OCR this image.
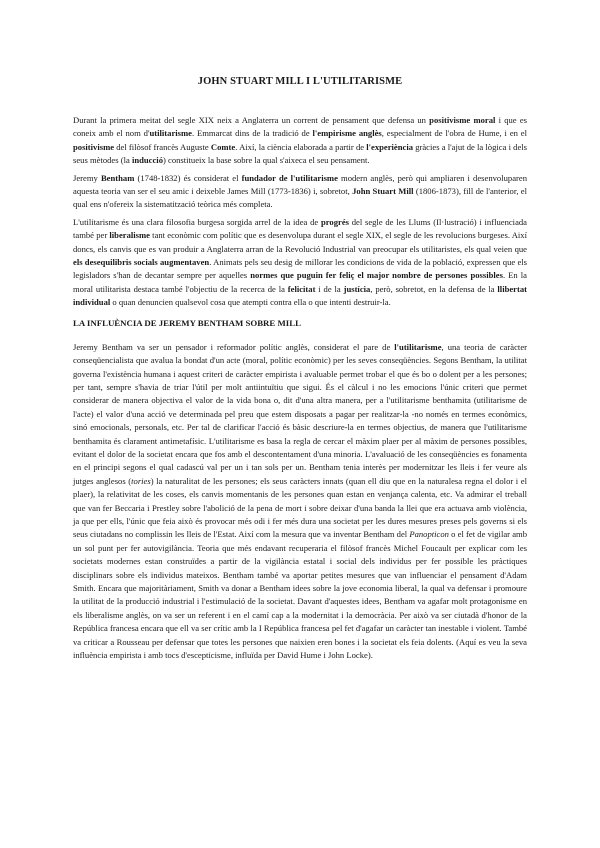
JOHN STUART MILL I L'UTILITARISME

Durant la primera meitat del segle XIX neix a Anglaterra un corrent de pensament que defensa un positivisme moral i que es coneix amb el nom d'utilitarisme. Emmarcat dins de la tradició de l'empirisme anglès, especialment de l'obra de Hume, i en el positivisme del filòsof francès Auguste Comte. Així, la ciència elaborada a partir de l'experiència gràcies a l'ajut de la lògica i dels seus mètodes (la inducció) constitueix la base sobre la qual s'aixeca el seu pensament.

Jeremy Bentham (1748-1832) és considerat el fundador de l'utilitarisme modern anglès, però qui ampliaren i desenvoluparen aquesta teoria van ser el seu amic i deixeble James Mill (1773-1836) i, sobretot, John Stuart Mill (1806-1873), fill de l'anterior, el qual ens n'ofereix la sistematització teòrica més completa.

L'utilitarisme és una clara filosofia burgesa sorgida arrel de la idea de progrés del segle de les Llums (Il·lustració) i influenciada també per liberalisme tant econòmic com polític que es desenvolupa durant el segle XIX, el segle de les revolucions burgeses. Així doncs, els canvis que es van produir a Anglaterra arran de la Revolució Industrial van preocupar els utilitaristes, els qual veien que els desequilibris socials augmentaven. Animats pels seu desig de millorar les condicions de vida de la població, expressen que els legisladors s'han de decantar sempre per aquelles normes que puguin fer feliç el major nombre de persones possibles. En la moral utilitarista destaca també l'objectiu de la recerca de la felicitat i de la justícia, però, sobretot, en la defensa de la llibertat individual o quan denuncien qualsevol cosa que atempti contra ella o que intenti destruir-la.

LA INFLUÈNCIA DE JEREMY BENTHAM SOBRE MILL

Jeremy Bentham va ser un pensador i reformador polític anglès, considerat el pare de l'utilitarisme, una teoria de caràcter conseqüencialista que avalua la bondat d'un acte (moral, polític econòmic) per les seves conseqüències. Segons Bentham, la utilitat governa l'existència humana i aquest criteri de caràcter empirista i avaluable permet trobar el que és bo o dolent per a les persones; per tant, sempre s'havia de triar l'útil per molt antiintuïtiu que sigui. És el càlcul i no les emocions l'únic criteri que permet considerar de manera objectiva el valor de la vida bona o, dit d'una altra manera, per a l'utilitarisme benthamita (utilitarisme de l'acte) el valor d'una acció ve determinada pel preu que estem disposats a pagar per realitzar-la -no només en termes econòmics, sinó emocionals, personals, etc. Per tal de clarificar l'acció és bàsic descriure-la en termes objectius, de manera que l'utilitarisme benthamita és clarament antimetafísic. L'utilitarisme es basa la regla de cercar el màxim plaer per al màxim de persones possibles, evitant el dolor de la societat encara que fos amb el descontentament d'una minoria. L'avaluació de les conseqüències es fonamenta en el principi segons el qual cadascú val per un i tan sols per un. Bentham tenia interès per modernitzar les lleis i fer veure als jutges anglesos (tories) la naturalitat de les persones; els seus caràcters innats (quan ell diu que en la naturalesa regna el dolor i el plaer), la relativitat de les coses, els canvis momentanis de les persones quan estan en venjança calenta, etc. Va admirar el treball que van fer Beccaria i Prestley sobre l'abolició de la pena de mort i sobre deixar d'una banda la llei que era actuava amb violència, ja que per ells, l'únic que feia això és provocar més odi i fer més dura una societat per les dures mesures preses pels governs si els seus ciutadans no complissin les lleis de l'Estat. Així com la mesura que va inventar Bentham del Panopticon o el fet de vigilar amb un sol punt per fer autovigilància. Teoria que més endavant recuperaria el filòsof francès Michel Foucault per explicar com les societats modernes estan construïdes a partir de la vigilància estatal i social dels individus per fer possible les pràctiques disciplinars sobre els individus mateixos. Bentham també va aportar petites mesures que van influenciar el pensament d'Adam Smith. Encara que majoritàriament, Smith va donar a Bentham idees sobre la jove economia liberal, la qual va defensar i promoure la utilitat de la producció industrial i l'estimulació de la societat. Davant d'aquestes idees, Bentham va agafar molt protagonisme en els liberalisme anglès, on va ser un referent i en el camí cap a la modernitat i la democràcia. Per això va ser ciutadà d'honor de la República francesa encara que ell va ser crític amb la I República francesa pel fet d'agafar un caràcter tan inestable i violent. També va criticar a Rousseau per defensar que totes les persones que naixien eren bones i la societat els feia dolents. (Aquí es veu la seva influència empirista i amb tocs d'escepticisme, influïda per David Hume i John Locke).
